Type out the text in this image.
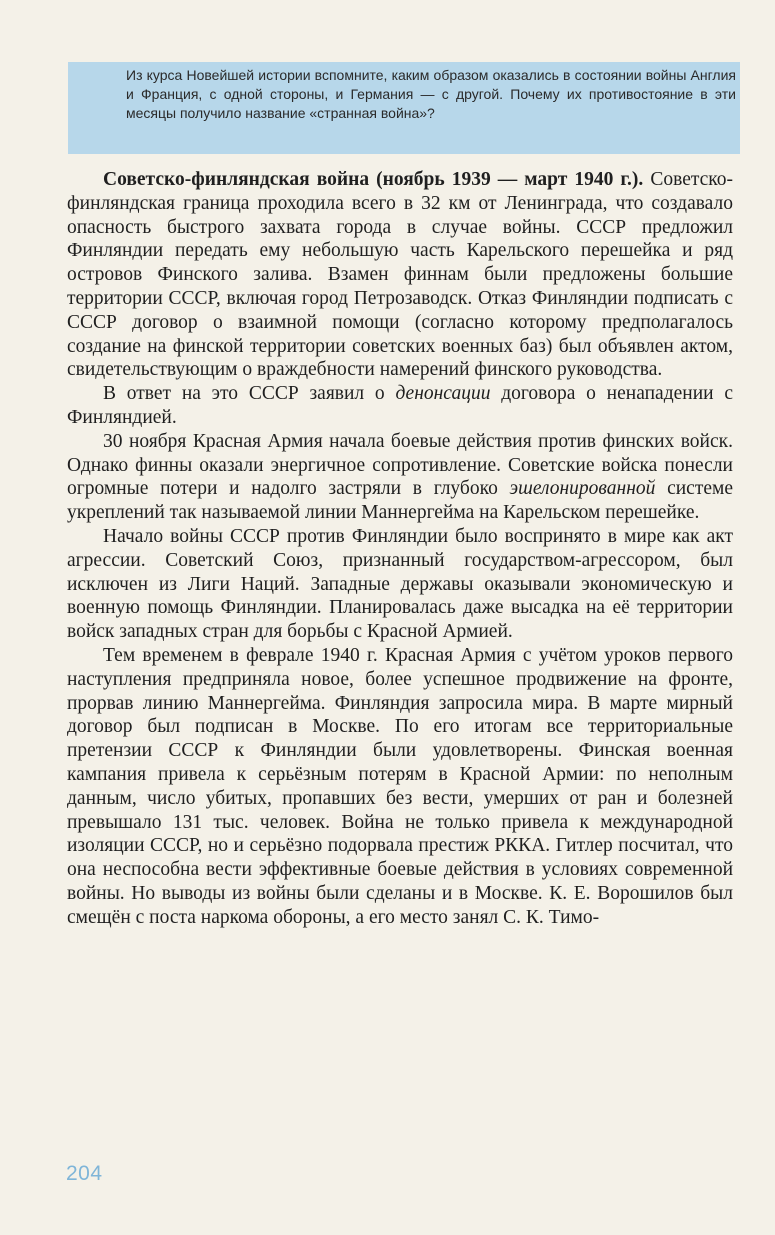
Из курса Новейшей истории вспомните, каким образом оказались в состоянии войны Англия и Франция, с одной стороны, и Германия — с другой. Почему их противостояние в эти месяцы получило название «странная война»?

Советско-финляндская война (ноябрь 1939 — март 1940 г.). Советско-финляндская граница проходила всего в 32 км от Ленинграда, что создавало опасность быстрого захвата города в случае войны. СССР предложил Финляндии передать ему небольшую часть Карельского перешейка и ряд островов Финского залива. Взамен финнам были предложены большие территории СССР, включая город Петрозаводск. Отказ Финляндии подписать с СССР договор о взаимной помощи (согласно которому предполагалось создание на финской территории советских военных баз) был объявлен актом, свидетельствующим о враждебности намерений финского руководства.

В ответ на это СССР заявил о денонсации договора о ненападении с Финляндией.

30 ноября Красная Армия начала боевые действия против финских войск. Однако финны оказали энергичное сопротивление. Советские войска понесли огромные потери и надолго застряли в глубоко эшелонированной системе укреплений так называемой линии Маннергейма на Карельском перешейке.

Начало войны СССР против Финляндии было воспринято в мире как акт агрессии. Советский Союз, признанный государством-агрессором, был исключен из Лиги Наций. Западные державы оказывали экономическую и военную помощь Финляндии. Планировалась даже высадка на её территории войск западных стран для борьбы с Красной Армией.

Тем временем в феврале 1940 г. Красная Армия с учётом уроков первого наступления предприняла новое, более успешное продвижение на фронте, прорвав линию Маннергейма. Финляндия запросила мира. В марте мирный договор был подписан в Москве. По его итогам все территориальные претензии СССР к Финляндии были удовлетворены. Финская военная кампания привела к серьёзным потерям в Красной Армии: по неполным данным, число убитых, пропавших без вести, умерших от ран и болезней превышало 131 тыс. человек. Война не только привела к международной изоляции СССР, но и серьёзно подорвала престиж РККА. Гитлер посчитал, что она неспособна вести эффективные боевые действия в условиях современной войны. Но выводы из войны были сделаны и в Москве. К. Е. Ворошилов был смещён с поста наркома обороны, а его место занял С. К. Тимо-

204
